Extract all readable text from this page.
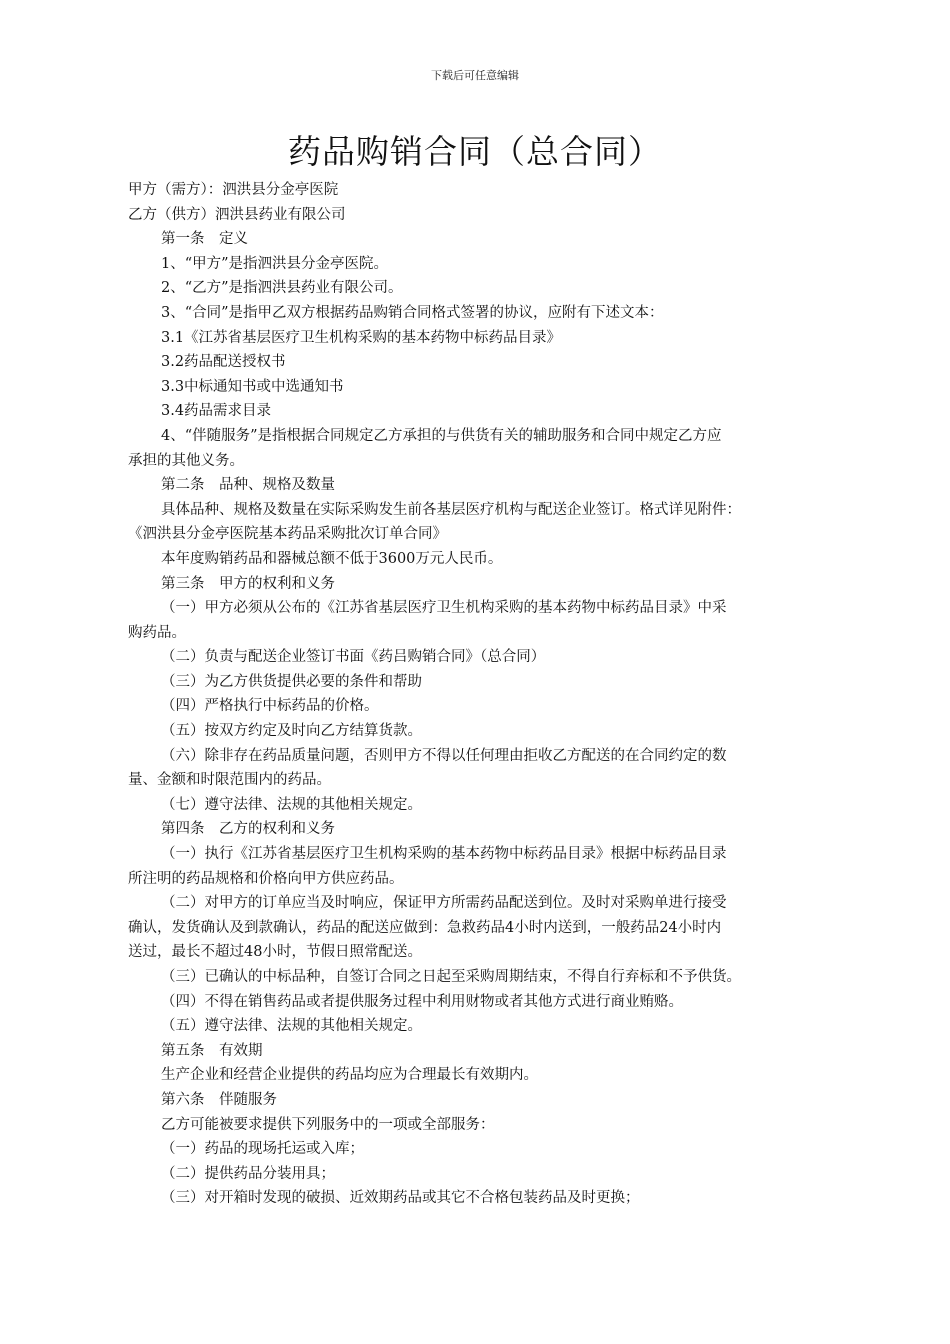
下载后可任意编辑
药品购销合同（总合同）

甲方（需方）：泗洪县分金亭医院

乙方（供方）泗洪县药业有限公司

第一条　定义

1、“甲方”是指泗洪县分金亭医院。

2、“乙方”是指泗洪县药业有限公司。

3、“合同”是指甲乙双方根据药品购销合同格式签署的协议，应附有下述文本：

3.1《江苏省基层医疗卫生机构采购的基本药物中标药品目录》

3.2药品配送授权书

3.3中标通知书或中选通知书

3.4药品需求目录

4、“伴随服务”是指根据合同规定乙方承担的与供货有关的辅助服务和合同中规定乙方应

承担的其他义务。

第二条　品种、规格及数量

具体品种、规格及数量在实际采购发生前各基层医疗机构与配送企业签订。格式详见附件：

《泗洪县分金亭医院基本药品采购批次订单合同》

本年度购销药品和器械总额不低于3600万元人民币。

第三条　甲方的权利和义务

（一）甲方必须从公布的《江苏省基层医疗卫生机构采购的基本药物中标药品目录》中采

购药品。

（二）负责与配送企业签订书面《药吕购销合同》（总合同）

（三）为乙方供货提供必要的条件和帮助

（四）严格执行中标药品的价格。

（五）按双方约定及时向乙方结算货款。

（六）除非存在药品质量问题，否则甲方不得以任何理由拒收乙方配送的在合同约定的数

量、金额和时限范围内的药品。

（七）遵守法律、法规的其他相关规定。

第四条　乙方的权利和义务

（一）执行《江苏省基层医疗卫生机构采购的基本药物中标药品目录》根据中标药品目录

所注明的药品规格和价格向甲方供应药品。

（二）对甲方的订单应当及时响应，保证甲方所需药品配送到位。及时对采购单进行接受

确认，发货确认及到款确认，药品的配送应做到：急救药品4小时内送到，一般药品24小时内

送过，最长不超过48小时，节假日照常配送。

（三）已确认的中标品种，自签订合同之日起至采购周期结束，不得自行弃标和不予供货。

（四）不得在销售药品或者提供服务过程中利用财物或者其他方式进行商业贿赂。

（五）遵守法律、法规的其他相关规定。

第五条　有效期

生产企业和经营企业提供的药品均应为合理最长有效期内。

第六条　伴随服务

乙方可能被要求提供下列服务中的一项或全部服务：

（一）药品的现场托运或入库；

（二）提供药品分装用具；

（三）对开箱时发现的破损、近效期药品或其它不合格包装药品及时更换；
